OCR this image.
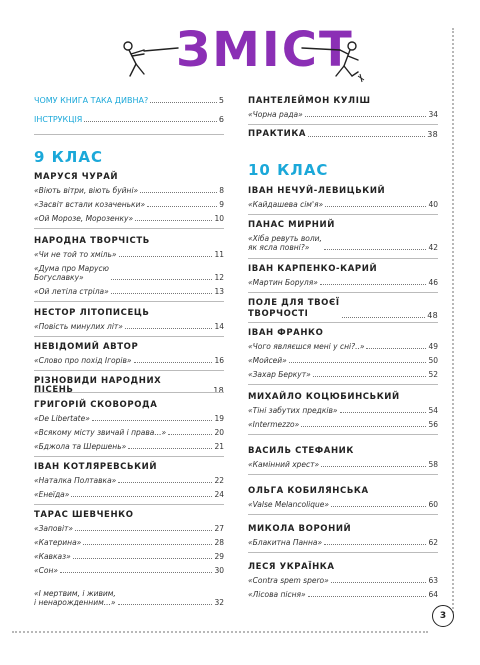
ЗМІСТ
ЧОМУ КНИГА ТАКА ДИВНА?	5
ІНСТРУКЦІЯ	6
9 КЛАС
МАРУСЯ ЧУРАЙ
«Віють вітри, віють буйні»	8
«Засвіт встали козаченьки»	9
«Ой Морозе, Морозенку»	10
НАРОДНА ТВОРЧІСТЬ
«Чи не той то хміль»	11
«Дума про Марусю
Богуславку»	12
«Ой летіла стріла»	13
НЕСТОР ЛІТОПИСЕЦЬ
«Повість минулих літ»	14
НЕВІДОМИЙ АВТОР
«Слово про похід Ігорів»	16
РІЗНОВИДИ НАРОДНИХ ПІСЕНЬ	18
ГРИГОРІЙ СКОВОРОДА
«De Libertate»	19
«Всякому місту звичай і права...»	20
«Бджола та Шершень»	21
ІВАН КОТЛЯРЕВСЬКИЙ
«Наталка Полтавка»	22
«Енеїда»	24
ТАРАС ШЕВЧЕНКО
«Заповіт»	27
«Катерина»	28
«Кавказ»	29
«Сон»	30
«І мертвим, і живим,
і ненарожденним...»	32
ПАНТЕЛЕЙМОН КУЛІШ
«Чорна рада»	34
ПРАКТИКА	38
10 КЛАС
ІВАН НЕЧУЙ-ЛЕВИЦЬКИЙ
«Кайдашева сім'я»	40
ПАНАС МИРНИЙ
«Хіба ревуть воли,
як ясла повні?»	42
ІВАН КАРПЕНКО-КАРИЙ
«Мартин Боруля»	46
ПОЛЕ ДЛЯ ТВОЄЇ
ТВОРЧОСТІ	48
ІВАН ФРАНКО
«Чого являєшся мені у сні?..»	49
«Мойсей»	50
«Захар Беркут»	52
МИХАЙЛО КОЦЮБИНСЬКИЙ
«Тіні забутих предків»	54
«Intermezzo»	56
ВАСИЛЬ СТЕФАНИК
«Камінний хрест»	58
ОЛЬГА КОБИЛЯНСЬКА
«Valse Melancolique»	60
МИКОЛА ВОРОНИЙ
«Блакитна Панна»	62
ЛЕСЯ УКРАЇНКА
«Contra spem spero»	63
«Лісова пісня»	64
3
